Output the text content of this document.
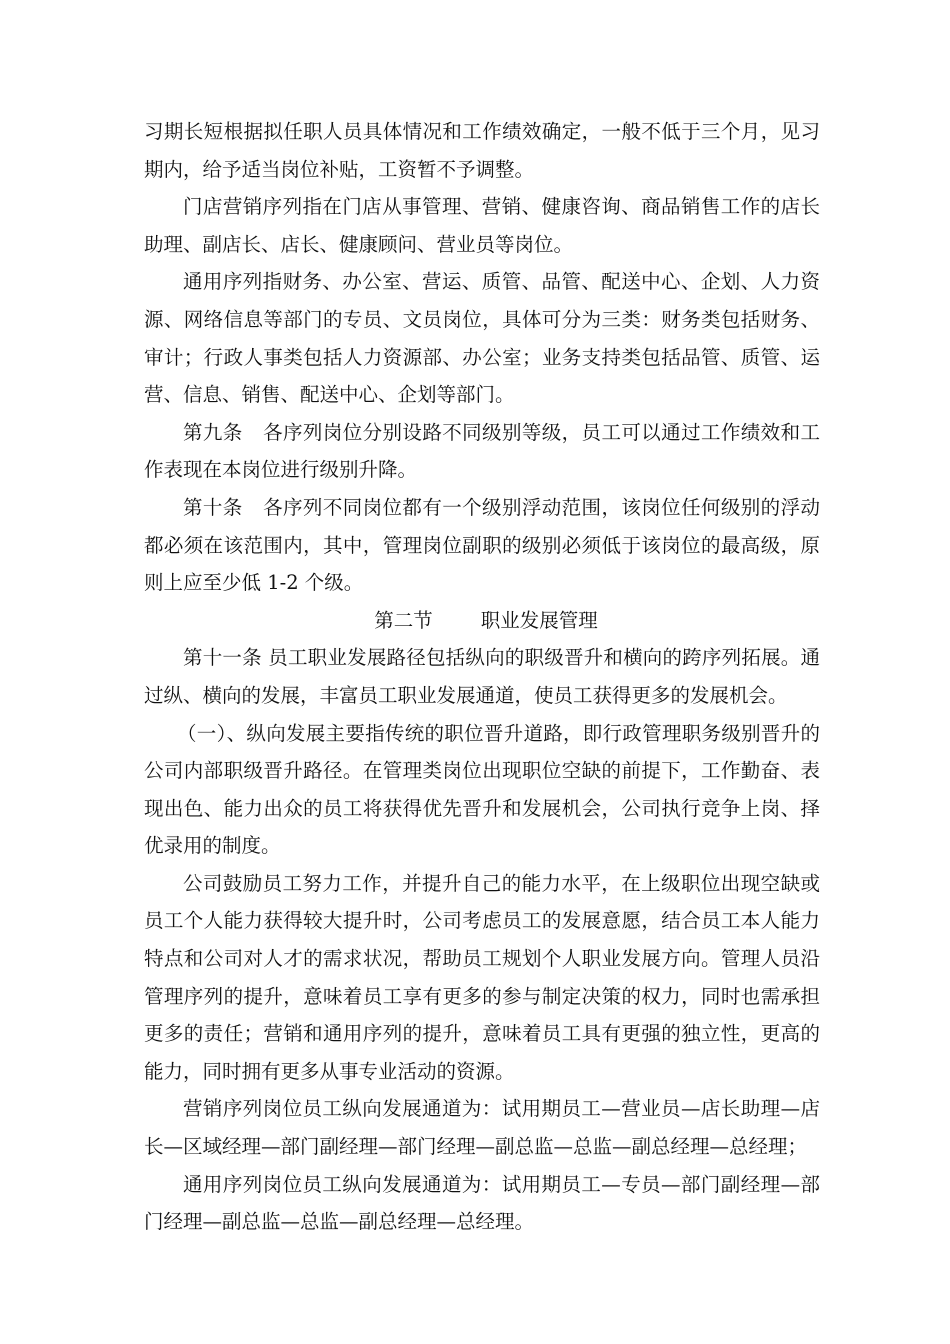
习期长短根据拟任职人员具体情况和工作绩效确定，一般不低于三个月，见习期内，给予适当岗位补贴，工资暂不予调整。

门店营销序列指在门店从事管理、营销、健康咨询、商品销售工作的店长助理、副店长、店长、健康顾问、营业员等岗位。

通用序列指财务、办公室、营运、质管、品管、配送中心、企划、人力资源、网络信息等部门的专员、文员岗位，具体可分为三类：财务类包括财务、审计；行政人事类包括人力资源部、办公室；业务支持类包括品管、质管、运营、信息、销售、配送中心、企划等部门。

第九条 各序列岗位分别设路不同级别等级，员工可以通过工作绩效和工作表现在本岗位进行级别升降。

第十条 各序列不同岗位都有一个级别浮动范围，该岗位任何级别的浮动都必须在该范围内，其中，管理岗位副职的级别必须低于该岗位的最高级，原则上应至少低 1-2 个级。

第二节 职业发展管理

第十一条 员工职业发展路径包括纵向的职级晋升和横向的跨序列拓展。通过纵、横向的发展，丰富员工职业发展通道，使员工获得更多的发展机会。

（一）、纵向发展主要指传统的职位晋升道路，即行政管理职务级别晋升的公司内部职级晋升路径。在管理类岗位出现职位空缺的前提下，工作勤奋、表现出色、能力出众的员工将获得优先晋升和发展机会，公司执行竞争上岗、择优录用的制度。

公司鼓励员工努力工作，并提升自己的能力水平，在上级职位出现空缺或员工个人能力获得较大提升时，公司考虑员工的发展意愿，结合员工本人能力特点和公司对人才的需求状况，帮助员工规划个人职业发展方向。管理人员沿管理序列的提升，意味着员工享有更多的参与制定决策的权力，同时也需承担更多的责任；营销和通用序列的提升，意味着员工具有更强的独立性，更高的能力，同时拥有更多从事专业活动的资源。

营销序列岗位员工纵向发展通道为：试用期员工—营业员—店长助理—店长—区域经理—部门副经理—部门经理—副总监—总监—副总经理—总经理；

通用序列岗位员工纵向发展通道为：试用期员工—专员—部门副经理—部门经理—副总监—总监—副总经理—总经理。
